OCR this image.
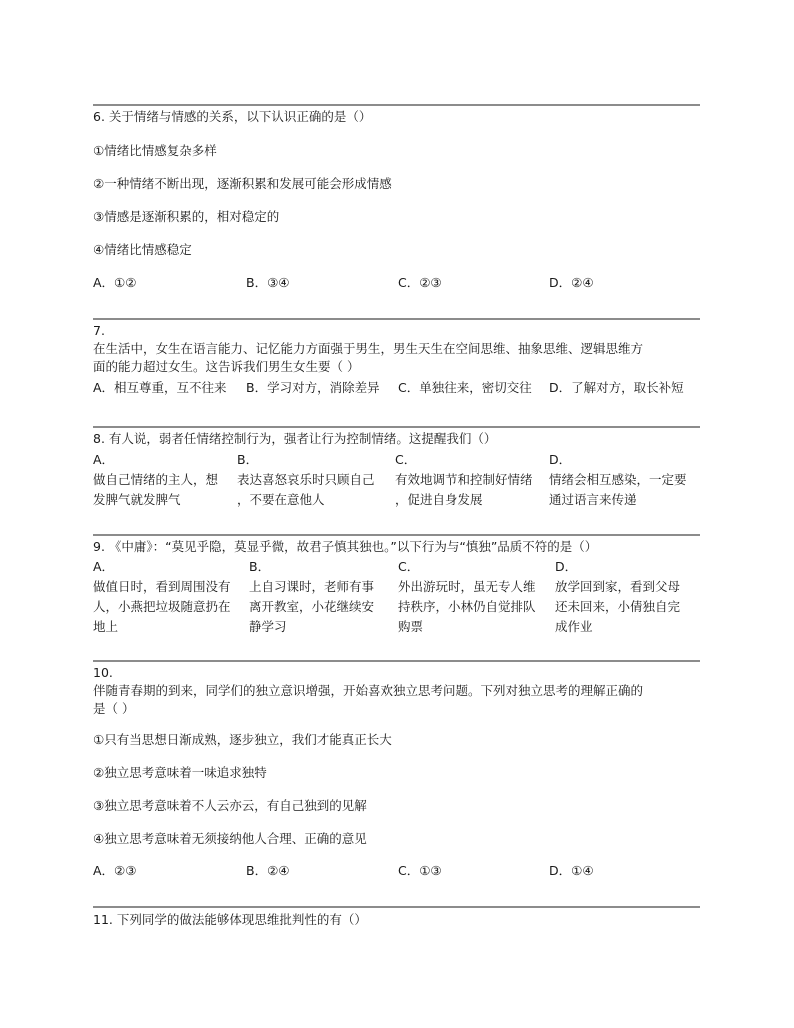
6. 关于情绪与情感的关系，以下认识正确的是（）
①情绪比情感复杂多样
②一种情绪不断出现，逐渐积累和发展可能会形成情感
③情感是逐渐积累的，相对稳定的
④情绪比情感稳定
A．①②	B．③④	C．②③	D．②④
7.
在生活中，女生在语言能力、记忆能力方面强于男生，男生天生在空间思维、抽象思维、逻辑思维方
面的能力超过女生。这告诉我们男生女生要（ ）
A．相互尊重，互不往来 B．学习对方，消除差异 C．单独往来，密切交往 D．了解对方，取长补短
8. 有人说，弱者任情绪控制行为，强者让行为控制情绪。这提醒我们（）
A．
做自己情绪的主人，想
发脾气就发脾气
B．
表达喜怒哀乐时只顾自己
，不要在意他人
C．
有效地调节和控制好情绪
，促进自身发展
D．
情绪会相互感染，一定要
通过语言来传递
9. 《中庸》：“莫见乎隐，莫显乎微，故君子慎其独也。”以下行为与“慎独”品质不符的是（）
A．
做值日时，看到周围没有
人，小燕把垃圾随意扔在
地上
B．
上自习课时，老师有事
离开教室，小花继续安
静学习
C．
外出游玩时，虽无专人维
持秩序，小林仍自觉排队
购票
D．
放学回到家，看到父母
还未回来，小倩独自完
成作业
10.
伴随青春期的到来，同学们的独立意识增强，开始喜欢独立思考问题。下列对独立思考的理解正确的
是（ ）
①只有当思想日渐成熟，逐步独立，我们才能真正长大
②独立思考意味着一味追求独特
③独立思考意味着不人云亦云，有自己独到的见解
④独立思考意味着无须接纳他人合理、正确的意见
A．②③	B．②④	C．①③	D．①④
11. 下列同学的做法能够体现思维批判性的有（）
